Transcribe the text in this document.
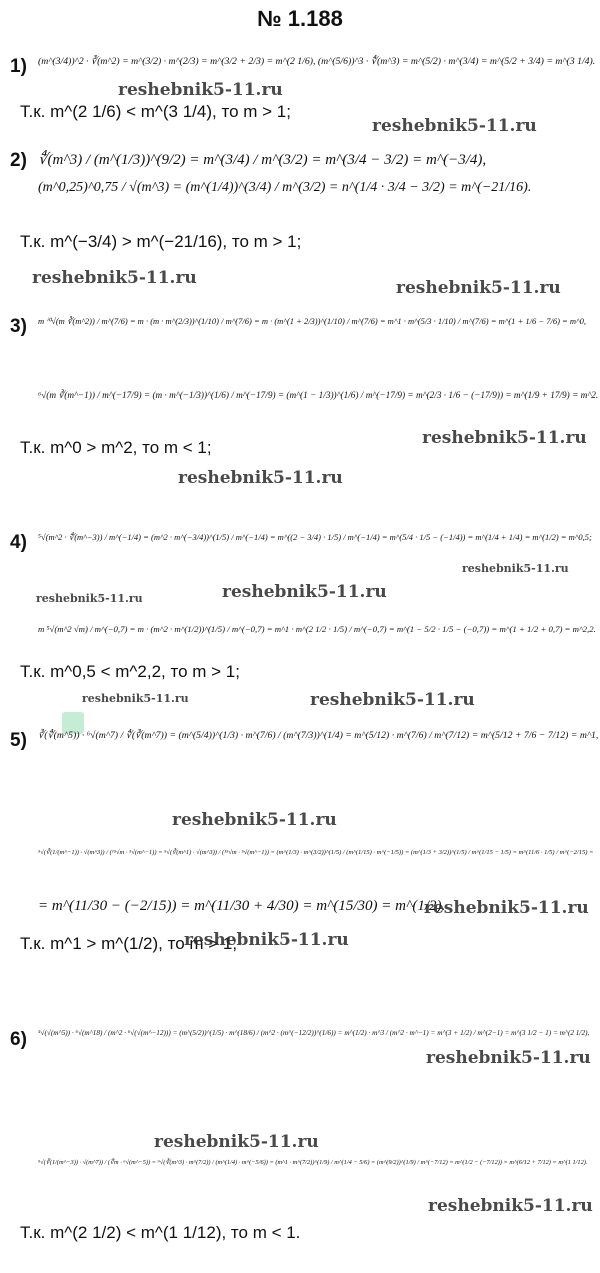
№ 1.188
1) (m^(3/4))^2 · ∛(m^2) = m^(3/2) · m^(2/3) = m^(3/2 + 2/3) = m^(2 1/6), (m^(5/6))^3 · ∜(m^3) = m^(5/2) · m^(3/4) = m^(5/2 + 3/4) = m^(3 1/4).
Т.к. m^(2 1/6) < m^(3 1/4), то m > 1;
2) ∜(m^3) / (m^(1/3))^(9/2) = m^(3/4) / m^(3/2) = m^(3/4 − 3/2) = m^(−3/4),
(m^0,25)^0,75 / √(m^3) = (m^(1/4))^(3/4) / m^(3/2) = n^(1/4 · 3/4 − 3/2) = m^(−21/16).
Т.к. m^(−3/4) > m^(−21/16), то m > 1;
3) m ⁱ⁰√(m ∛(m^2)) / m^(7/6) = m · (m · m^(2/3))^(1/10) / m^(7/6) = m · (m^(1 + 2/3))^(1/10) / m^(7/6) = m^1 · m^(5/3 · 1/10) / m^(7/6) = m^(1 + 1/6 − 7/6) = m^0,
⁶√(m ∛(m^−1)) / m^(−17/9) = (m · m^(−1/3))^(1/6) / m^(−17/9) = (m^(1 − 1/3))^(1/6) / m^(−17/9) = m^(2/3 · 1/6 − (−17/9)) = m^(1/9 + 17/9) = m^2.
Т.к. m^0 > m^2, то m < 1;
4) ⁵√(m^2 · ∜(m^−3)) / m^(−1/4) = (m^2 · m^(−3/4))^(1/5) / m^(−1/4) = m^((2 − 3/4) · 1/5) / m^(−1/4) = m^(5/4 · 1/5 − (−1/4)) = m^(1/4 + 1/4) = m^(1/2) = m^0,5;
m ⁵√(m^2 √m) / m^(−0,7) = m · (m^2 · m^(1/2))^(1/5) / m^(−0,7) = m^1 · m^(2 1/2 · 1/5) / m^(−0,7) = m^(1 − 5/2 · 1/5 − (−0,7)) = m^(1 + 1/2 + 0,7) = m^2,2.
Т.к. m^0,5 < m^2,2, то m > 1;
5) ∛(∜(m^5)) · ⁶√(m^7) / ∜(∛(m^7)) = (m^(5/4))^(1/3) · m^(7/6) / (m^(7/3))^(1/4) = m^(5/12) · m^(7/6) / m^(7/12) = m^(5/12 + 7/6 − 7/12) = m^1,
⁵√(∛(1/(m^−1)) · √(m^3)) / (¹⁵√m · ⁵√(m^−1)) = ⁵√(∛(m^1) · √(m^3)) / (¹⁵√m · ⁵√(m^−1)) = (m^(1/3) · m^(3/2))^(1/5) / (m^(1/15) · m^(−1/5)) = (m^(1/3 + 3/2))^(1/5) / m^(1/15 − 1/5) = m^(11/6 · 1/5) / m^(−2/15) =
= m^(11/30 − (−2/15)) = m^(11/30 + 4/30) = m^(15/30) = m^(1/2).
Т.к. m^1 > m^(1/2), то m > 1;
6) ⁵√(√(m^5)) · ⁶√(m^18) / (m^2 · ⁶√(√(m^−12))) = (m^(5/2))^(1/5) · m^(18/6) / (m^2 · (m^(−12/2))^(1/6)) = m^(1/2) · m^3 / (m^2 · m^−1) = m^(3 + 1/2) / m^(2−1) = m^(3 1/2 − 1) = m^(2 1/2),
⁹√(∛(1/(m^−3)) · √(m^7)) / (∜m · ⁶√(m^−5)) = ⁹√(∛(m^3) · m^(7/2)) / (m^(1/4) · m^(−5/6)) = (m^1 · m^(7/2))^(1/9) / m^(1/4 − 5/6) = (m^(9/2))^(1/9) / m^(−7/12) = m^(1/2 − (−7/12)) = m^(6/12 + 7/12) = m^(1 1/12).
Т.к. m^(2 1/2) < m^(1 1/12), то m < 1.
reshebnik5-11.ru
reshebnik5-11.ru
reshebnik5-11.ru	reshebnik5-11.ru
reshebnik5-11.ru
reshebnik5-11.ru
reshebnik5-11.ru
reshebnik5-11.ru	reshebnik5-11.ru
reshebnik5-11.ru	reshebnik5-11.ru
reshebnik5-11.ru
reshebnik5-11.ru
reshebnik5-11.ru
reshebnik5-11.ru
reshebnik5-11.ru
reshebnik5-11.ru
